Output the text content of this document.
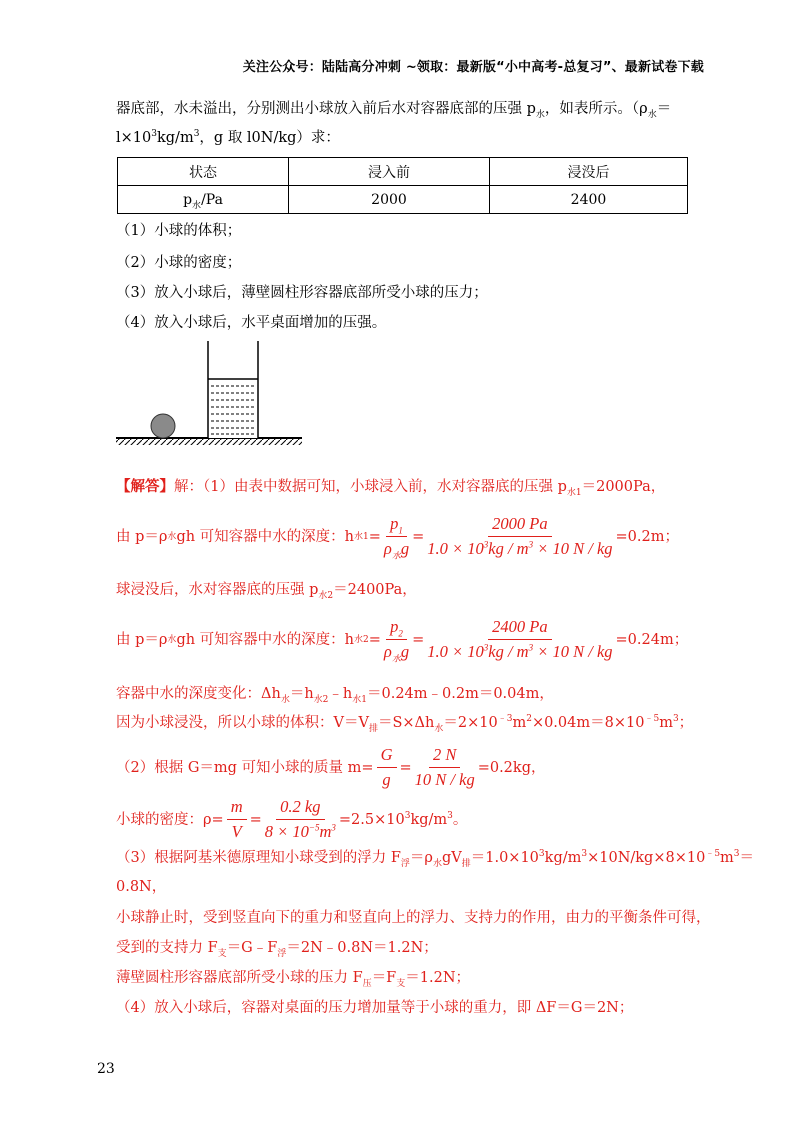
关注公众号：陆陆高分冲刺 ~领取：最新版“小中高考-总复习”、最新试卷下载
器底部，水未溢出，分别测出小球放入前后水对容器底部的压强 $p_水$，如表所示。（$\rho_水=$
$l\times 10^3kg/m^3$，g 取 l0N/kg）求：
状态	浸入前	浸没后
$p_水/Pa$	2000	2400
（1）小球的体积；
（2）小球的密度；
（3）放入小球后，薄壁圆柱形容器底部所受小球的压力；
（4）放入小球后，水平桌面增加的压强。
【解答】解：（1）由表中数据可知，小球浸入前，水对容器底的压强 $p_{水1}=2000Pa$，
由 p＝ρ 水 gh 可知容器中水的深度：h 水$1 = \frac{p_1}{\rho_水g} = \frac{2000 Pa}{1.0 \times 10^3kg / m^3 \times 10 N / kg} =0.2m$；
球浸没后，水对容器底的压强 $p_{水2}=2400Pa$，
由 p＝ρ 水 gh 可知容器中水的深度：h 水$2 = \frac{p_2}{\rho_水g} = \frac{2400 Pa}{1.0 \times 10^3kg / m^3 \times 10 N / kg} =0.24m$；
容器中水的深度变化：$\Delta h_水=h_{水2}﹣h_{水1}=0.24m﹣0.2m=0.04m$，
因为小球浸没，所以小球的体积：$V=V_排=S\times\Delta h_水=2\times 10^{﹣3}m^2\times 0.04m=8\times 10^{﹣5}m^3$；
（2）根据 G＝mg 可知小球的质量 $m= \frac{G}{g} = \frac{2 N}{10 N / kg} =0.2kg$，
小球的密度：$\rho= \frac{m}{V} = \frac{0.2 kg}{8 \times 10^{-5}m^3} =2.5\times 10^3kg/m^3$。
（3）根据阿基米德原理知小球受到的浮力 $F_浮=\rho_水gV_排=1.0\times 10^3kg/m^3\times 10N/kg\times 8\times 10^{﹣5}m^3=$
0.8N，
小球静止时，受到竖直向下的重力和竖直向上的浮力、支持力的作用，由力的平衡条件可得，
受到的支持力 $F_支=G﹣F_浮=2N﹣0.8N=1.2N$；
薄壁圆柱形容器底部所受小球的压力 $F_压=F_支=1.2N$；
（4）放入小球后，容器对桌面的压力增加量等于小球的重力，即 ΔF＝G＝2N；
23
